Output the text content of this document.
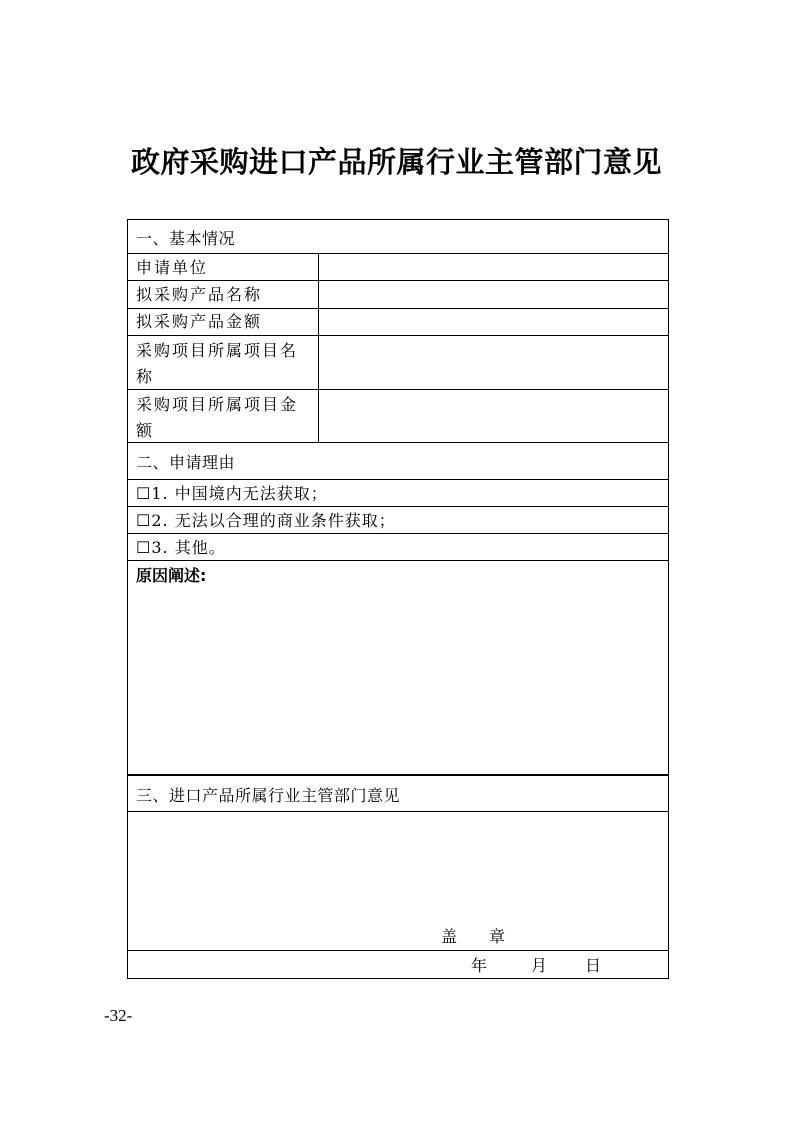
政府采购进口产品所属行业主管部门意见
一、基本情况
申请单位
拟采购产品名称
拟采购产品金额
采购项目所属项目名
称
采购项目所属项目金
额
二、申请理由
☐1. 中国境内无法获取；
☐2. 无法以合理的商业条件获取；
☐3. 其他。
原因阐述:
三、进口产品所属行业主管部门意见
盖　　章
年	月 日
-32-
